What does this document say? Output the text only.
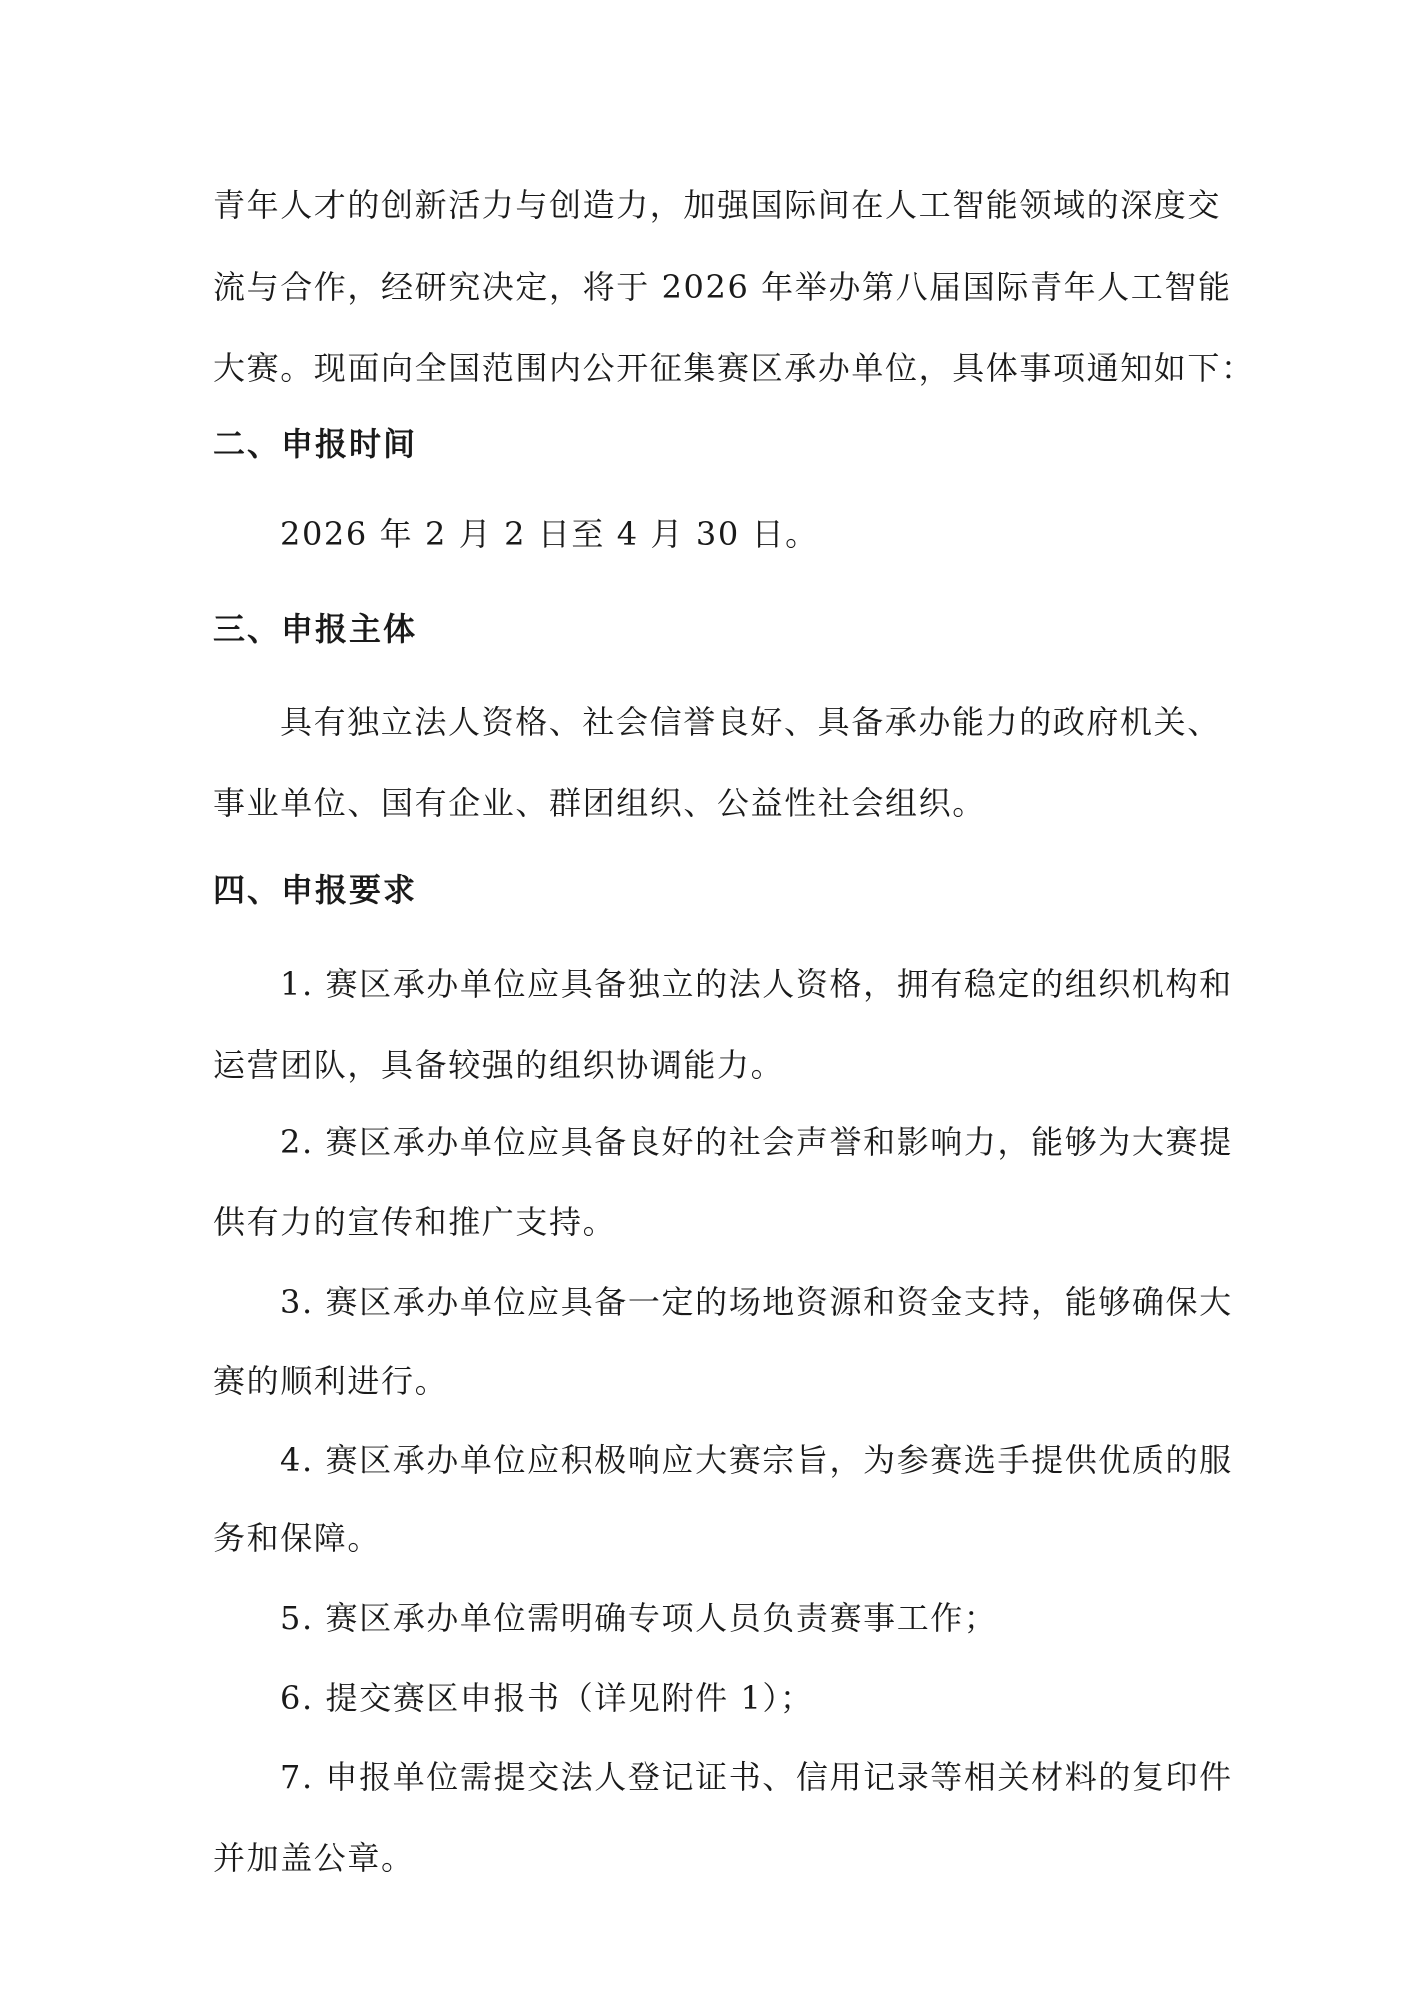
青年人才的创新活力与创造力，加强国际间在人工智能领域的深度交

流与合作，经研究决定，将于 2026 年举办第八届国际青年人工智能

大赛。现面向全国范围内公开征集赛区承办单位，具体事项通知如下：

二、申报时间

2026 年 2 月 2 日至 4 月 30 日。

三、申报主体

具有独立法人资格、社会信誉良好、具备承办能力的政府机关、

事业单位、国有企业、群团组织、公益性社会组织。

四、申报要求

1. 赛区承办单位应具备独立的法人资格，拥有稳定的组织机构和

运营团队，具备较强的组织协调能力。

2. 赛区承办单位应具备良好的社会声誉和影响力，能够为大赛提

供有力的宣传和推广支持。

3. 赛区承办单位应具备一定的场地资源和资金支持，能够确保大

赛的顺利进行。

4. 赛区承办单位应积极响应大赛宗旨，为参赛选手提供优质的服

务和保障。

5. 赛区承办单位需明确专项人员负责赛事工作；

6. 提交赛区申报书（详见附件 1）；

7. 申报单位需提交法人登记证书、信用记录等相关材料的复印件

并加盖公章。
